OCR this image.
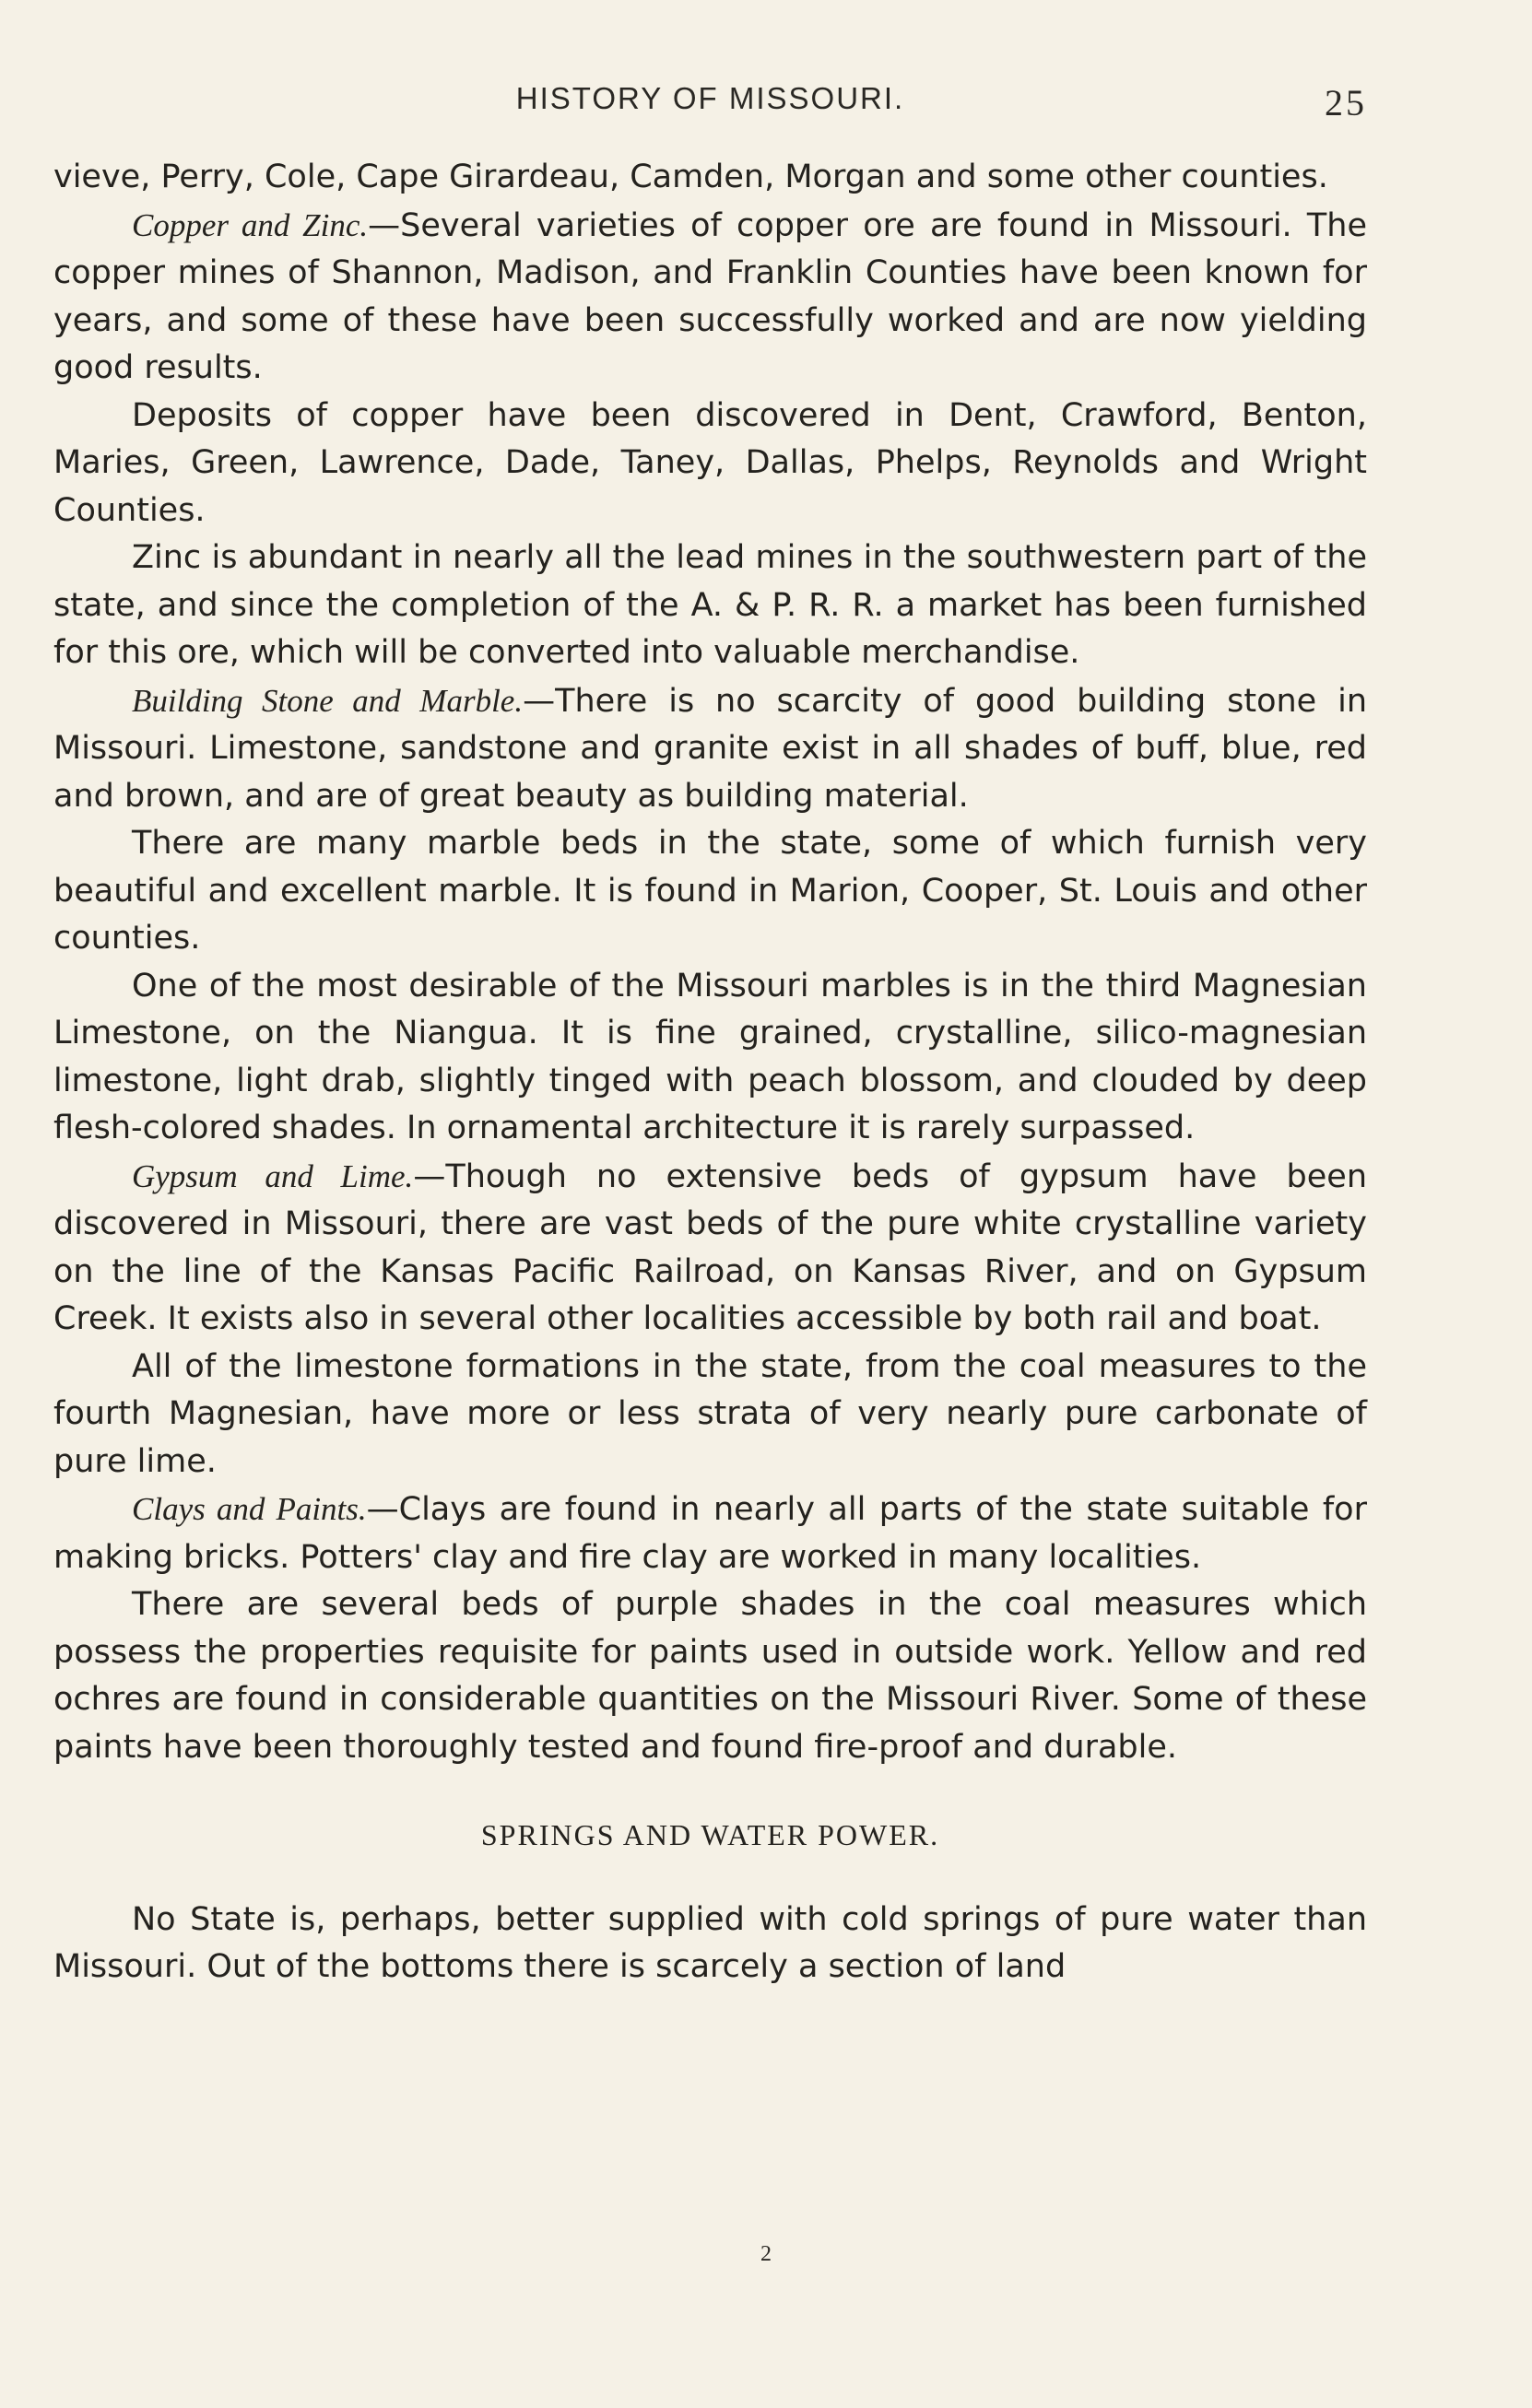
HISTORY OF MISSOURI.	25

vieve, Perry, Cole, Cape Girardeau, Camden, Morgan and some other counties.

Copper and Zinc.—Several varieties of copper ore are found in Missouri. The copper mines of Shannon, Madison, and Franklin Counties have been known for years, and some of these have been successfully worked and are now yielding good results.

Deposits of copper have been discovered in Dent, Crawford, Benton, Maries, Green, Lawrence, Dade, Taney, Dallas, Phelps, Reynolds and Wright Counties.

Zinc is abundant in nearly all the lead mines in the southwestern part of the state, and since the completion of the A. & P. R. R. a market has been furnished for this ore, which will be converted into valuable merchandise.

Building Stone and Marble.—There is no scarcity of good building stone in Missouri. Limestone, sandstone and granite exist in all shades of buff, blue, red and brown, and are of great beauty as building material.

There are many marble beds in the state, some of which furnish very beautiful and excellent marble. It is found in Marion, Cooper, St. Louis and other counties.

One of the most desirable of the Missouri marbles is in the third Magnesian Limestone, on the Niangua. It is fine grained, crystalline, silico-magnesian limestone, light drab, slightly tinged with peach blossom, and clouded by deep flesh-colored shades. In ornamental architecture it is rarely surpassed.

Gypsum and Lime.—Though no extensive beds of gypsum have been discovered in Missouri, there are vast beds of the pure white crystalline variety on the line of the Kansas Pacific Railroad, on Kansas River, and on Gypsum Creek. It exists also in several other localities accessible by both rail and boat.

All of the limestone formations in the state, from the coal measures to the fourth Magnesian, have more or less strata of very nearly pure carbonate of pure lime.

Clays and Paints.—Clays are found in nearly all parts of the state suitable for making bricks. Potters' clay and fire clay are worked in many localities.

There are several beds of purple shades in the coal measures which possess the properties requisite for paints used in outside work. Yellow and red ochres are found in considerable quantities on the Missouri River. Some of these paints have been thoroughly tested and found fire-proof and durable.

SPRINGS AND WATER POWER.

No State is, perhaps, better supplied with cold springs of pure water than Missouri. Out of the bottoms there is scarcely a section of land

2
